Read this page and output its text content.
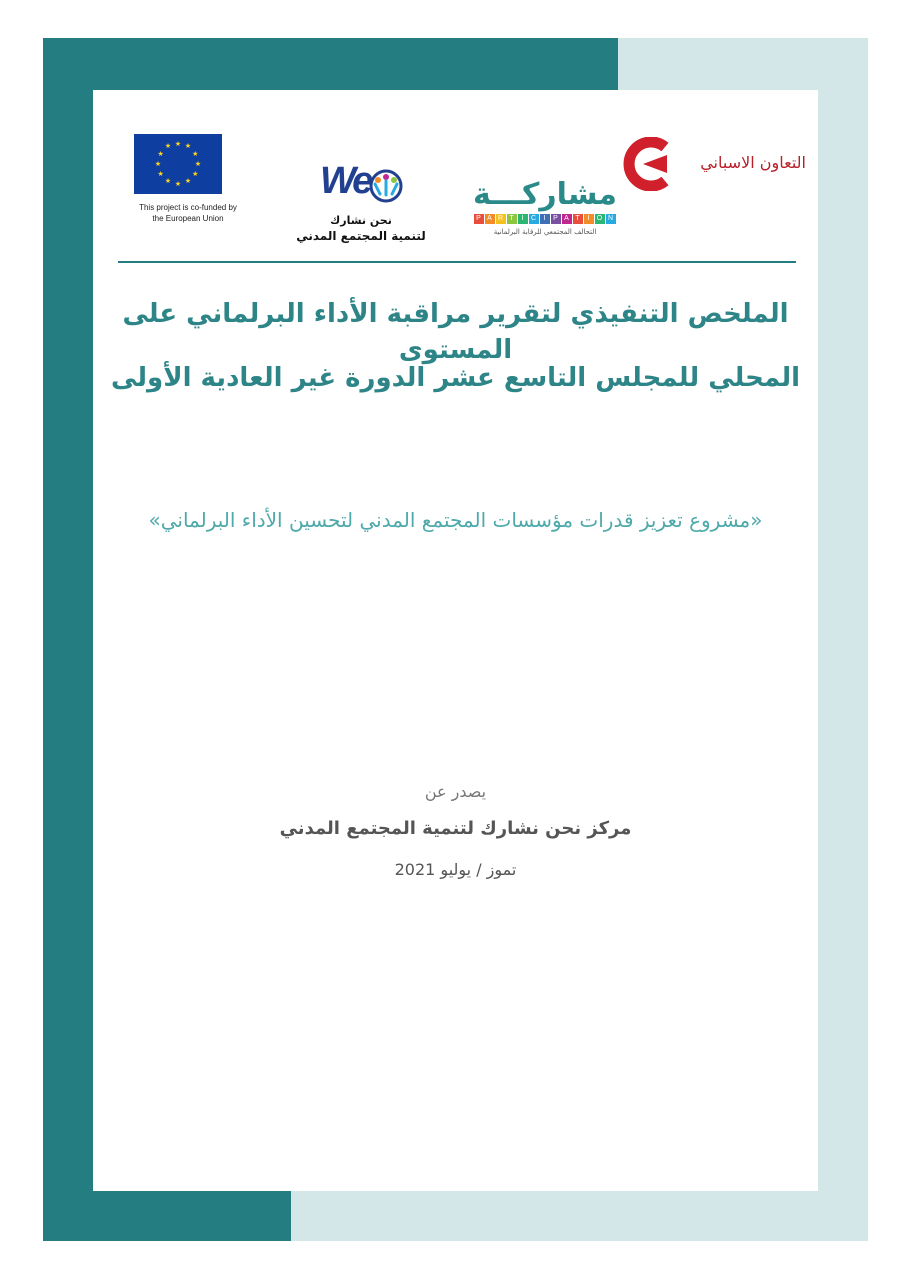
★ ★
★
★
★
★
★
★
★
★
★
★
This project is co-funded by
the European Union
We
نحن نشارك
لتنمية المجتمع المدني
مشاركـــة
P A R T	I	C	I	P A T	I	O N
التحالف المجتمعي للرقابة البرلمانية
التعاون الاسباني
الملخص التنفيذي لتقرير مراقبة الأداء البرلماني على المستوى
المحلي للمجلس التاسع عشر الدورة غير العادية الأولى
«مشروع تعزيز قدرات مؤسسات المجتمع المدني لتحسين الأداء البرلماني»
يصدر عن
مركز نحن نشارك لتنمية المجتمع المدني
تموز / يوليو 2021
